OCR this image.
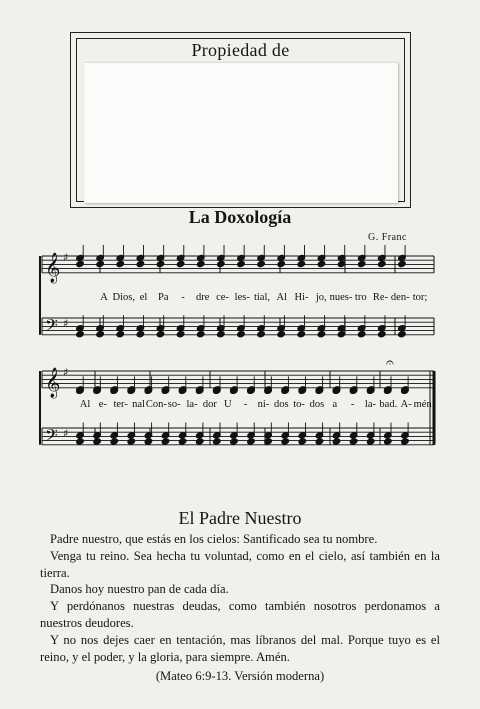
Propiedad de
La Doxología
G. Franc
𝄞 ♯
𝄢 ♯
𝄞 ♯
𝄢 ♯
𝄐
A Dios, el Pa - dre ce- les- tial, Al Hi- jo, nues- tro Re- den- tor;
Al e- ter- nal Con- so- la- dor U - ni- dos to- dos a - la- bad. A- mén.
El Padre Nuestro

Padre nuestro, que estás en los cielos: Santificado sea tu nombre.

Venga tu reino. Sea hecha tu voluntad, como en el cielo, así también en la tierra.

Danos hoy nuestro pan de cada día.

Y perdónanos nuestras deudas, como también nosotros perdonamos a nuestros deudores.

Y no nos dejes caer en tentación, mas líbranos del mal. Porque tuyo es el reino, y el poder, y la gloria, para siempre. Amén.

(Mateo 6:9-13. Versión moderna)
